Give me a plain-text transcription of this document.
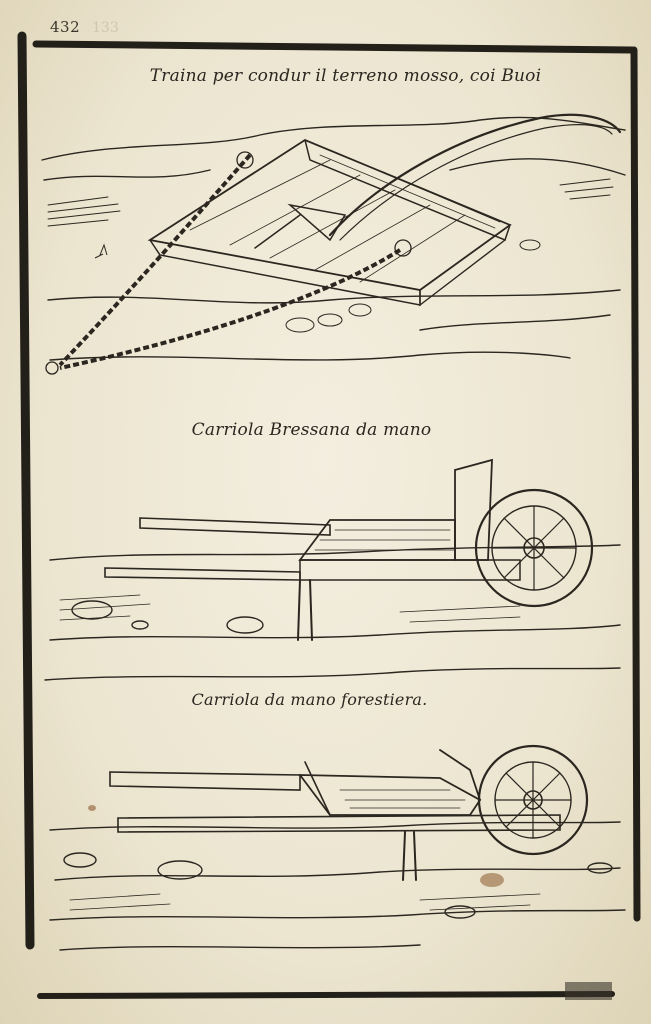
432 133
Traina per condur il terreno mosso, coi Buoi
Carriola Bressana da mano
Carriola da mano forestiera.
